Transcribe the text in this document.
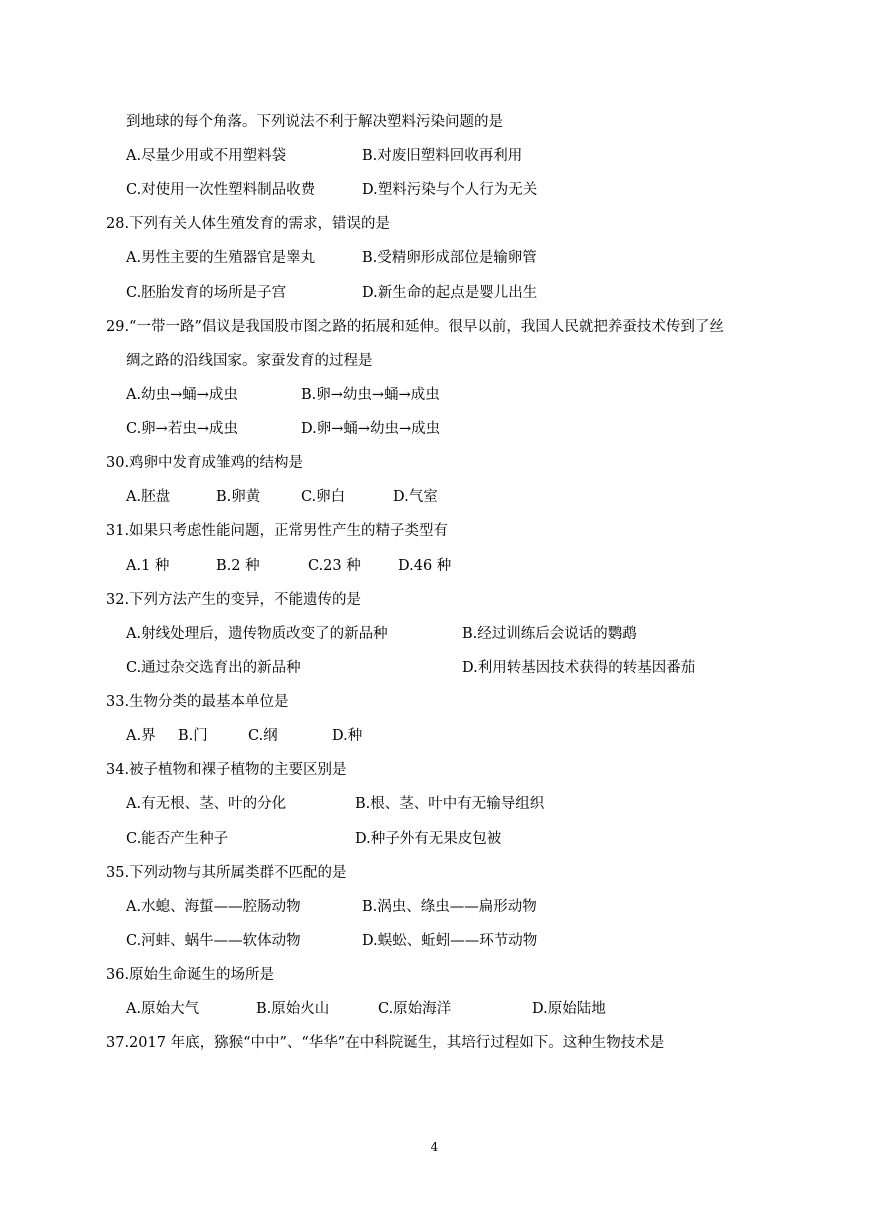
到地球的每个角落。下列说法不利于解决塑料污染问题的是
A.尽量少用或不用塑料袋	B.对废旧塑料回收再利用
C.对使用一次性塑料制品收费	D.塑料污染与个人行为无关
28.下列有关人体生殖发育的需求，错误的是
A.男性主要的生殖器官是睾丸	B.受精卵形成部位是输卵管
C.胚胎发育的场所是子宫	D.新生命的起点是婴儿出生
29.“一带一路”倡议是我国股市图之路的拓展和延伸。很早以前，我国人民就把养蚕技术传到了丝
绸之路的沿线国家。家蚕发育的过程是
A.幼虫→蛹→成虫	B.卵→幼虫→蛹→成虫
C.卵→若虫→成虫	D.卵→蛹→幼虫→成虫
30.鸡卵中发育成雏鸡的结构是
A.胚盘	B.卵黄	C.卵白	D.气室
31.如果只考虑性能问题，正常男性产生的精子类型有
A.1 种	B.2 种	C.23 种	D.46 种
32.下列方法产生的变异，不能遗传的是
A.射线处理后，遗传物质改变了的新品种	B.经过训练后会说话的鹦鹉
C.通过杂交选育出的新品种	D.利用转基因技术获得的转基因番茄
33.生物分类的最基本单位是
A.界 B.门	C.纲	D.种
34.被子植物和裸子植物的主要区别是
A.有无根、茎、叶的分化	B.根、茎、叶中有无输导组织
C.能否产生种子	D.种子外有无果皮包被
35.下列动物与其所属类群不匹配的是
A.水螅、海蜇——腔肠动物	B.涡虫、绦虫——扁形动物
C.河蚌、蜗牛——软体动物	D.蜈蚣、蚯蚓——环节动物
36.原始生命诞生的场所是
A.原始大气	B.原始火山	C.原始海洋	D.原始陆地
37.2017 年底，猕猴“中中”、“华华”在中科院诞生，其培行过程如下。这种生物技术是
4
